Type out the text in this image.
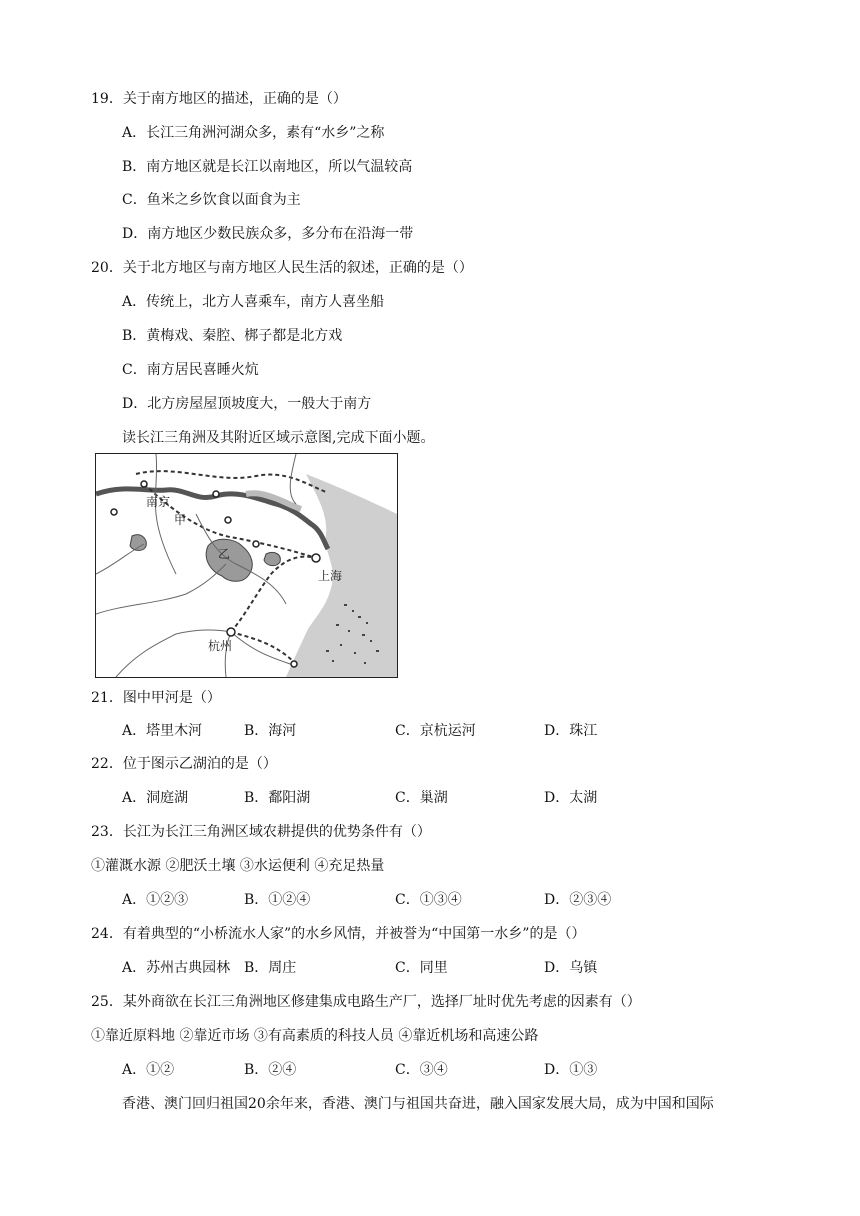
19．关于南方地区的描述，正确的是（）
A．长江三角洲河湖众多，素有“水乡”之称
B．南方地区就是长江以南地区，所以气温较高
C．鱼米之乡饮食以面食为主
D．南方地区少数民族众多，多分布在沿海一带
20．关于北方地区与南方地区人民生活的叙述，正确的是（）
A．传统上，北方人喜乘车，南方人喜坐船
B．黄梅戏、秦腔、梆子都是北方戏
C．南方居民喜睡火炕
D．北方房屋屋顶坡度大，一般大于南方
读长江三角洲及其附近区域示意图,完成下面小题。
南京
甲
乙
上海
杭州
21．图中甲河是（）
A．塔里木河	B．海河	C．京杭运河	D．珠江
22．位于图示乙湖泊的是（）
A．洞庭湖	B．鄱阳湖	C．巢湖	D．太湖
23．长江为长江三角洲区域农耕提供的优势条件有（）
①灌溉水源 ②肥沃土壤 ③水运便利 ④充足热量
A．①②③	B．①②④	C．①③④	D．②③④
24．有着典型的“小桥流水人家”的水乡风情，并被誉为“中国第一水乡”的是（）
A．苏州古典园林 B．周庄	C．同里	D．乌镇
25．某外商欲在长江三角洲地区修建集成电路生产厂，选择厂址时优先考虑的因素有（）
①靠近原料地 ②靠近市场 ③有高素质的科技人员 ④靠近机场和高速公路
A．①②	B．②④	C．③④	D．①③
香港、澳门回归祖国20余年来，香港、澳门与祖国共奋进，融入国家发展大局，成为中国和国际
